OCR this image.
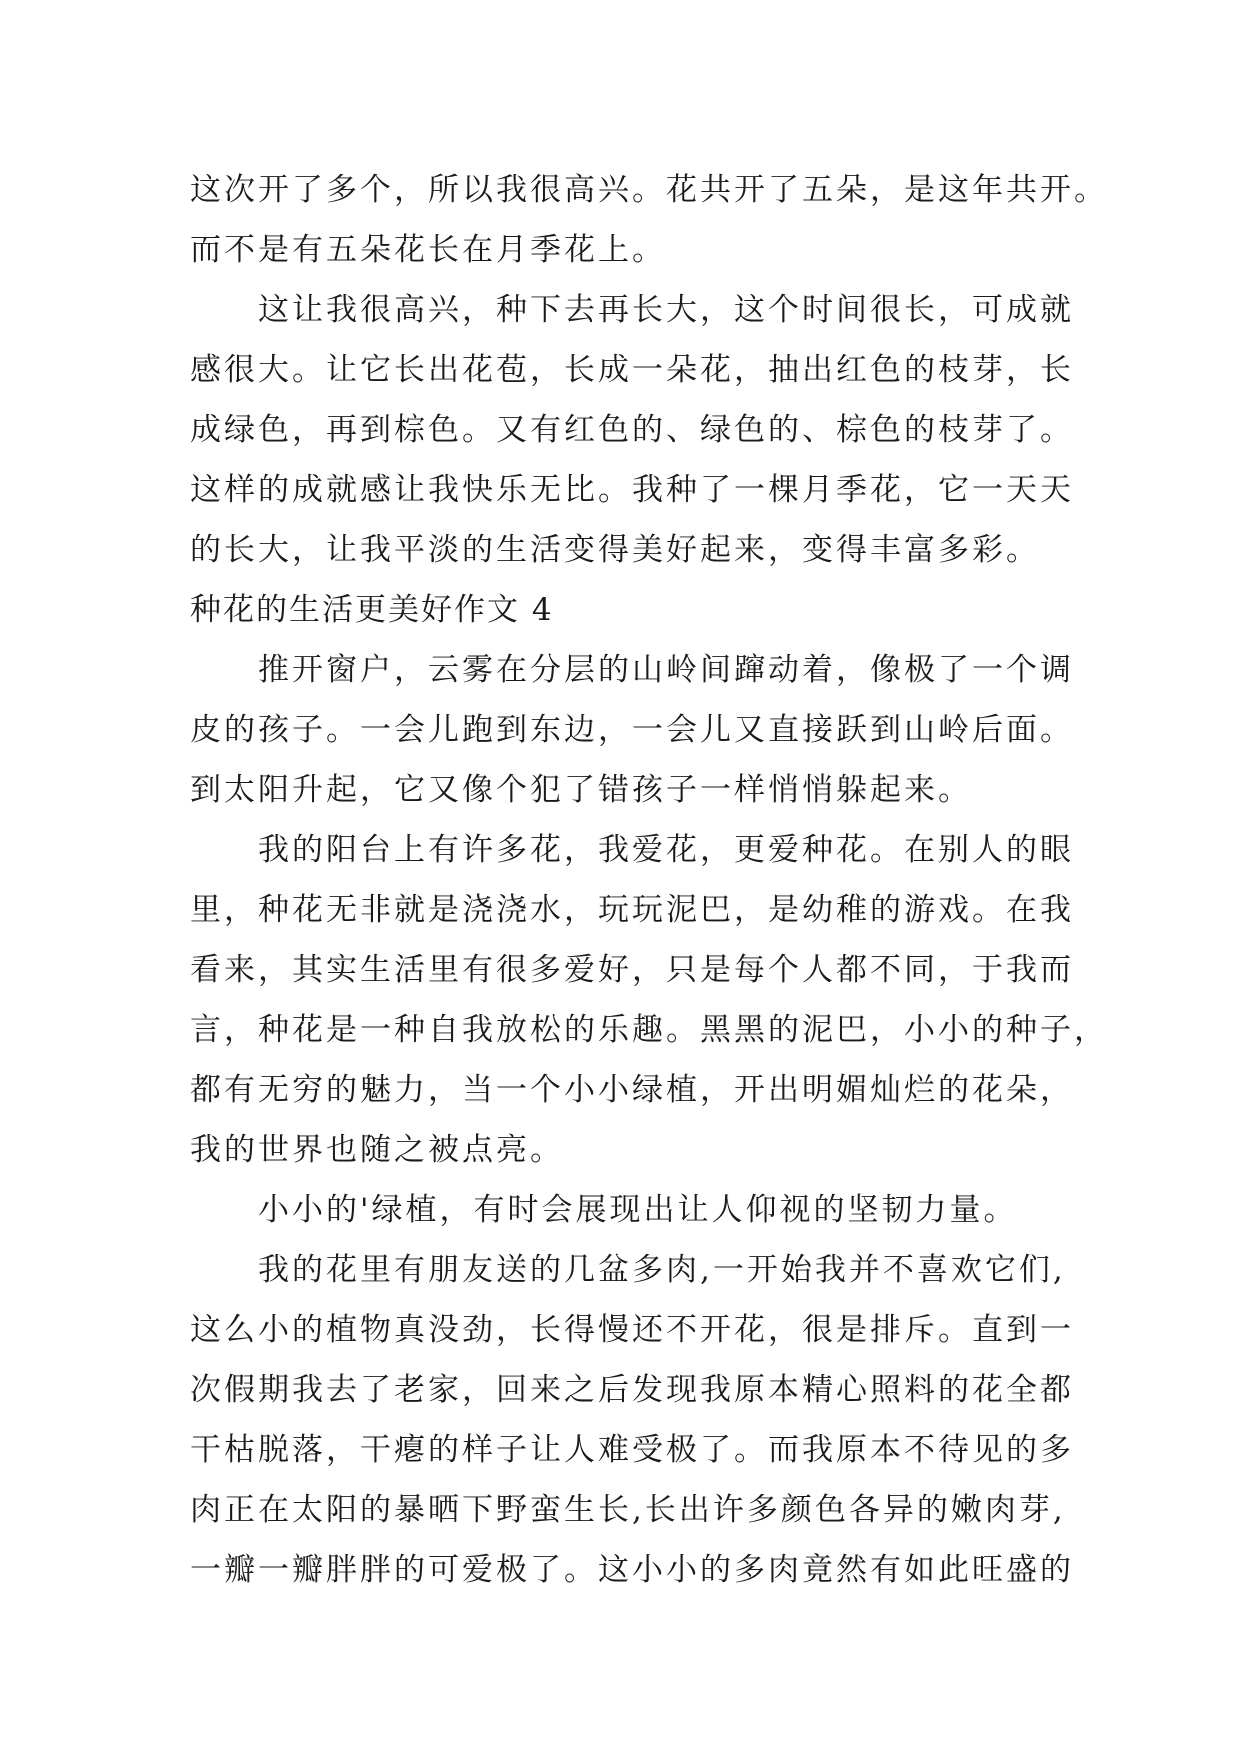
这次开了多个，所以我很高兴。花共开了五朵，是这年共开。
而不是有五朵花长在月季花上。
这让我很高兴，种下去再长大，这个时间很长，可成就
感很大。让它长出花苞，长成一朵花，抽出红色的枝芽，长
成绿色，再到棕色。又有红色的、绿色的、棕色的枝芽了。
这样的成就感让我快乐无比。我种了一棵月季花，它一天天
的长大，让我平淡的生活变得美好起来，变得丰富多彩。
种花的生活更美好作文 4
推开窗户，云雾在分层的山岭间蹿动着，像极了一个调
皮的孩子。一会儿跑到东边，一会儿又直接跃到山岭后面。
到太阳升起，它又像个犯了错孩子一样悄悄躲起来。
我的阳台上有许多花，我爱花，更爱种花。在别人的眼
里，种花无非就是浇浇水，玩玩泥巴，是幼稚的游戏。在我
看来，其实生活里有很多爱好，只是每个人都不同，于我而
言，种花是一种自我放松的乐趣。黑黑的泥巴，小小的种子，
都有无穷的魅力，当一个小小绿植，开出明媚灿烂的花朵，
我的世界也随之被点亮。
小小的'绿植，有时会展现出让人仰视的坚韧力量。
我的花里有朋友送的几盆多肉,一开始我并不喜欢它们,
这么小的植物真没劲，长得慢还不开花，很是排斥。直到一
次假期我去了老家，回来之后发现我原本精心照料的花全都
干枯脱落，干瘪的样子让人难受极了。而我原本不待见的多
肉正在太阳的暴晒下野蛮生长,长出许多颜色各异的嫩肉芽,
一瓣一瓣胖胖的可爱极了。这小小的多肉竟然有如此旺盛的
